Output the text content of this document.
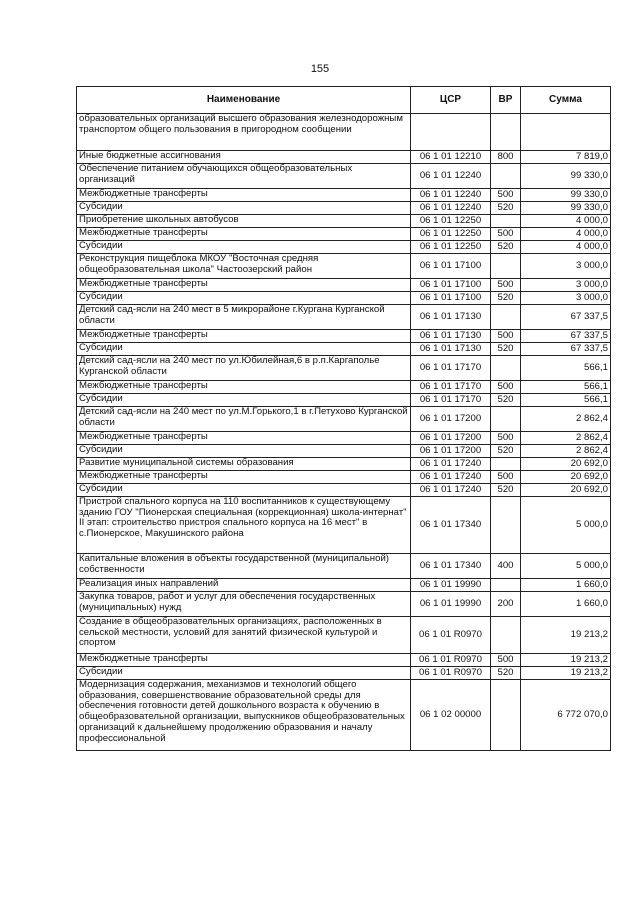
155
Наименование	ЦСР	ВР	Сумма
образовательных организаций высшего образования железнодорожным транспортом общего пользования в пригородном сообщении			
Иные бюджетные ассигнования	06 1 01 12210	800	7 819,0
Обеспечение питанием обучающихся общеобразовательных организаций	06 1 01 12240		99 330,0
Межбюджетные трансферты	06 1 01 12240	500	99 330,0
Субсидии	06 1 01 12240	520	99 330,0
Приобретение школьных автобусов	06 1 01 12250		4 000,0
Межбюджетные трансферты	06 1 01 12250	500	4 000,0
Субсидии	06 1 01 12250	520	4 000,0
Реконструкция пищеблока МКОУ "Восточная средняя общеобразовательная школа" Частоозерский район	06 1 01 17100		3 000,0
Межбюджетные трансферты	06 1 01 17100	500	3 000,0
Субсидии	06 1 01 17100	520	3 000,0
Детский сад-ясли на 240 мест в 5 микрорайоне г.Кургана Курганской области	06 1 01 17130		67 337,5
Межбюджетные трансферты	06 1 01 17130	500	67 337,5
Субсидии	06 1 01 17130	520	67 337,5
Детский сад-ясли на 240 мест по ул.Юбилейная,6 в р.п.Каргаполье Курганской области	06 1 01 17170		566,1
Межбюджетные трансферты	06 1 01 17170	500	566,1
Субсидии	06 1 01 17170	520	566,1
Детский сад-ясли на 240 мест по ул.М.Горького,1 в г.Петухово Курганской области	06 1 01 17200		2 862,4
Межбюджетные трансферты	06 1 01 17200	500	2 862,4
Субсидии	06 1 01 17200	520	2 862,4
Развитие муниципальной системы образования	06 1 01 17240		20 692,0
Межбюджетные трансферты	06 1 01 17240	500	20 692,0
Субсидии	06 1 01 17240	520	20 692,0
Пристрой спального корпуса на 110 воспитанников к существующему зданию ГОУ "Пионерская специальная (коррекционная) школа-интернат" II этап: строительство пристроя спального корпуса на 16 мест" в с.Пионерское, Макушинского района	06 1 01 17340		5 000,0
Капитальные вложения в объекты государственной (муниципальной) собственности	06 1 01 17340	400	5 000,0
Реализация иных направлений	06 1 01 19990		1 660,0
Закупка товаров, работ и услуг для обеспечения государственных (муниципальных) нужд	06 1 01 19990	200	1 660,0
Создание в общеобразовательных организациях, расположенных в сельской местности, условий для занятий физической культурой и спортом	06 1 01 R0970		19 213,2
Межбюджетные трансферты	06 1 01 R0970	500	19 213,2
Субсидии	06 1 01 R0970	520	19 213,2
Модернизация содержания, механизмов и технологий общего образования, совершенствование образовательной среды для обеспечения готовности детей дошкольного возраста к обучению в общеобразовательной организации, выпускников общеобразовательных организаций к дальнейшему продолжению образования и началу профессиональной	06 1 02 00000		6 772 070,0
